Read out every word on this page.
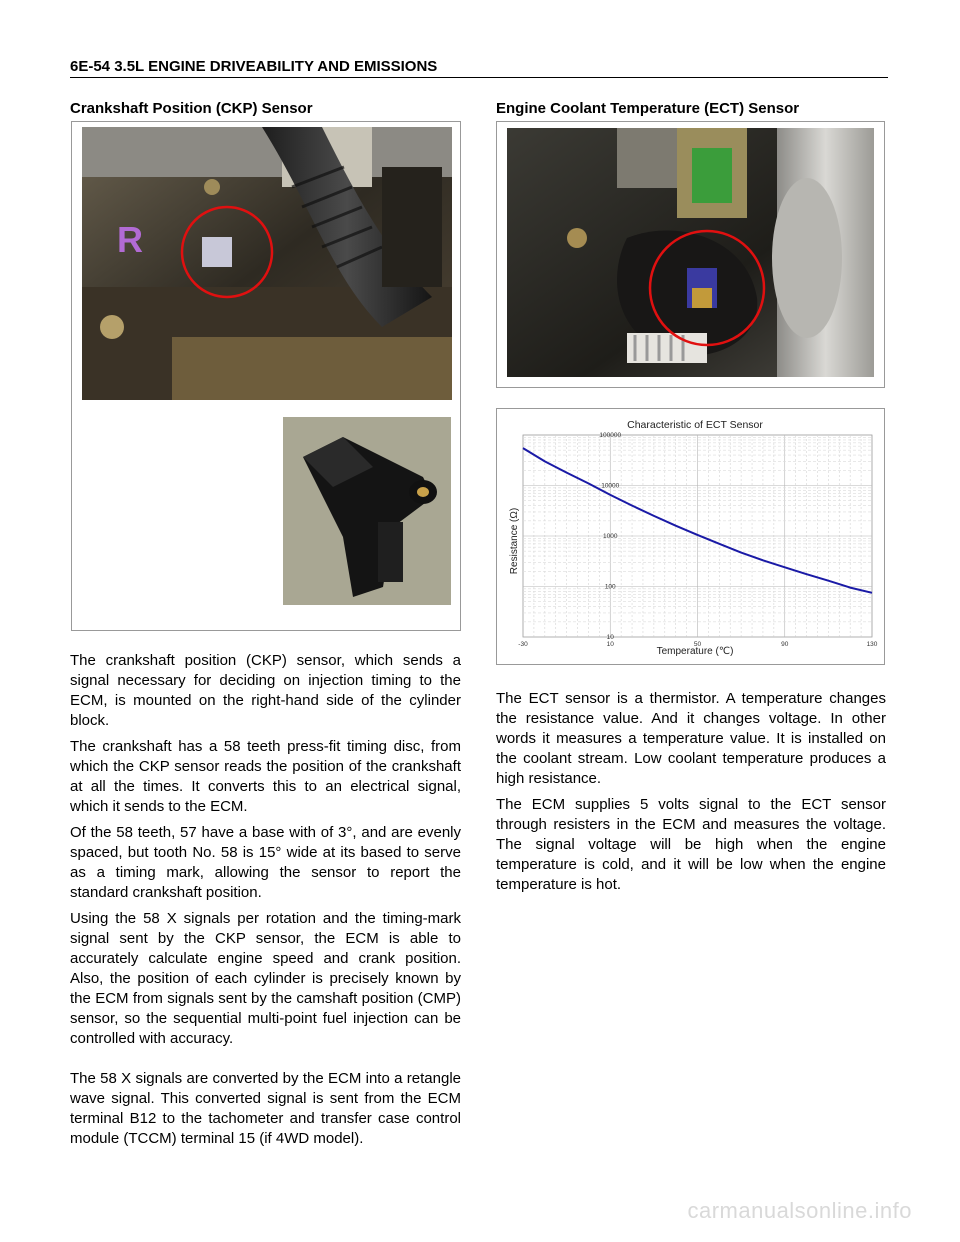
6E-54 3.5L ENGINE DRIVEABILITY AND EMISSIONS
Crankshaft Position (CKP) Sensor
R

The crankshaft position (CKP) sensor, which sends a signal necessary for deciding on injection timing to the ECM, is mounted on the right-hand side of the cylinder block.

The crankshaft has a 58 teeth press-fit timing disc, from which the CKP sensor reads the position of the crankshaft at all the times. It converts this to an electrical signal, which it sends to the ECM.

Of the 58 teeth, 57 have a base with of 3°, and are evenly spaced, but tooth No. 58 is 15° wide at its based to serve as a timing mark, allowing the sensor to report the standard crankshaft position.

Using the 58 X signals per rotation and the timing-mark signal sent by the CKP sensor, the ECM is able to accurately calculate engine speed and crank position. Also, the position of each cylinder is precisely known by the ECM from signals sent by the camshaft position (CMP) sensor, so the sequential multi-point fuel injection can be controlled with accuracy.

The 58 X signals are converted by the ECM into a retangle wave signal. This converted signal is sent from the ECM terminal B12 to the tachometer and transfer case control module (TCCM) terminal 15 (if 4WD model).

Engine Coolant Temperature (ECT) Sensor
Characteristic of ECT Sensor
100000
10000
1000
100
10
-30	10	50	90	130
Temperature (℃)
Resistance (Ω)

The ECT sensor is a thermistor. A temperature changes the resistance value. And it changes voltage. In other words it measures a temperature value. It is installed on the coolant stream. Low coolant temperature produces a high resistance.

The ECM supplies 5 volts signal to the ECT sensor through resisters in the ECM and measures the voltage. The signal voltage will be high when the engine temperature is cold, and it will be low when the engine temperature is hot.

carmanualsonline.info
